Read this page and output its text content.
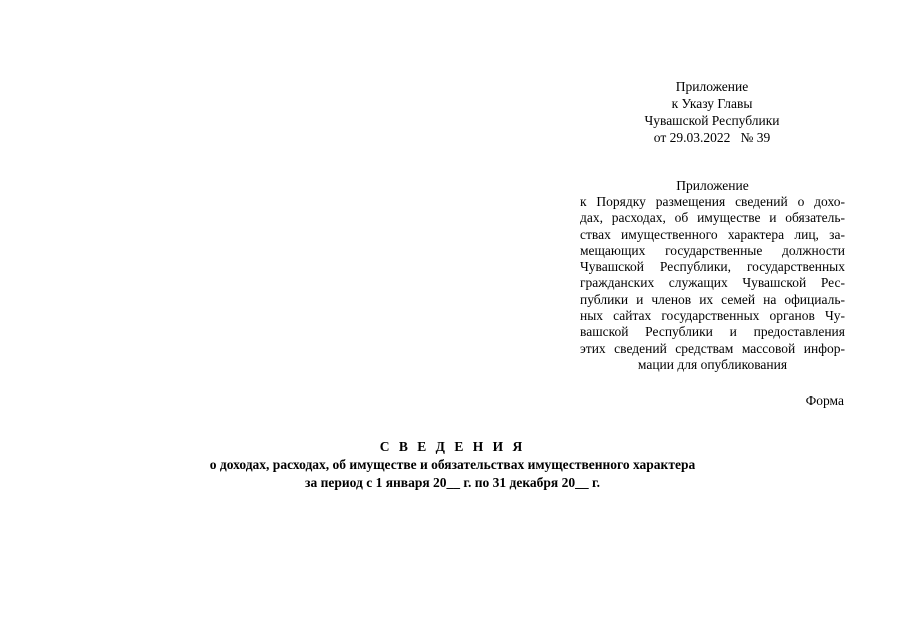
Приложение
к Указу Главы
Чувашской Республики
от 29.03.2022   № 39
Приложение
к Порядку размещения сведений о дохо-
дах, расходах, об имуществе и обязатель-
ствах имущественного характера лиц, за-
мещающих государственные должности
Чувашской Республики, государственных
гражданских служащих Чувашской Рес-
публики и членов их семей на официаль-
ных сайтах государственных органов Чу-
вашской Республики и предоставления
этих сведений средствам массовой инфор-
мации для опубликования
Форма
С В Е Д Е Н И Я
о доходах, расходах, об имуществе и обязательствах имущественного характера
за период с 1 января 20__ г. по 31 декабря 20__ г.
